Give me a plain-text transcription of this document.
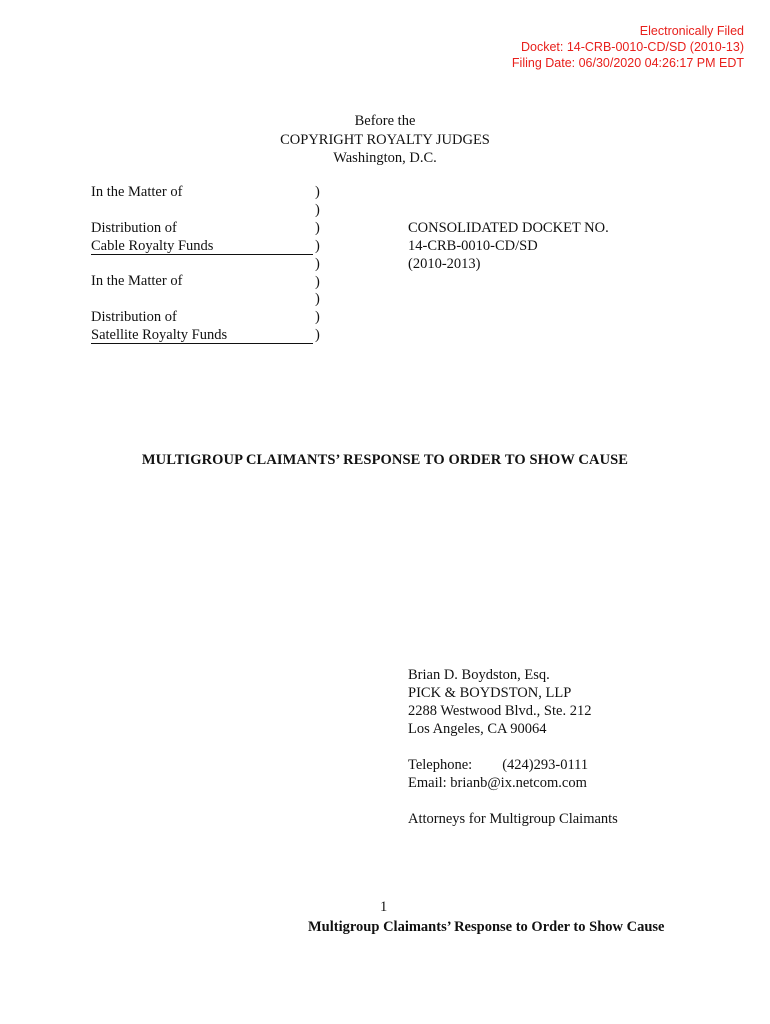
Electronically Filed
Docket: 14-CRB-0010-CD/SD (2010-13)
Filing Date: 06/30/2020 04:26:17 PM EDT
Before the
COPYRIGHT ROYALTY JUDGES
Washington, D.C.
In the Matter of
Distribution of
Cable Royalty Funds
In the Matter of
Distribution of
Satellite Royalty Funds
)
)
)
)
)
)
)
)
)
CONSOLIDATED DOCKET NO.
14-CRB-0010-CD/SD
(2010-2013)
MULTIGROUP CLAIMANTS’ RESPONSE TO ORDER TO SHOW CAUSE
Brian D. Boydston, Esq.
PICK & BOYDSTON, LLP
2288 Westwood Blvd., Ste. 212
Los Angeles, CA 90064
Telephone: (424)293-0111
Email: brianb@ix.netcom.com
Attorneys for Multigroup Claimants
1
Multigroup Claimants’ Response to Order to Show Cause
